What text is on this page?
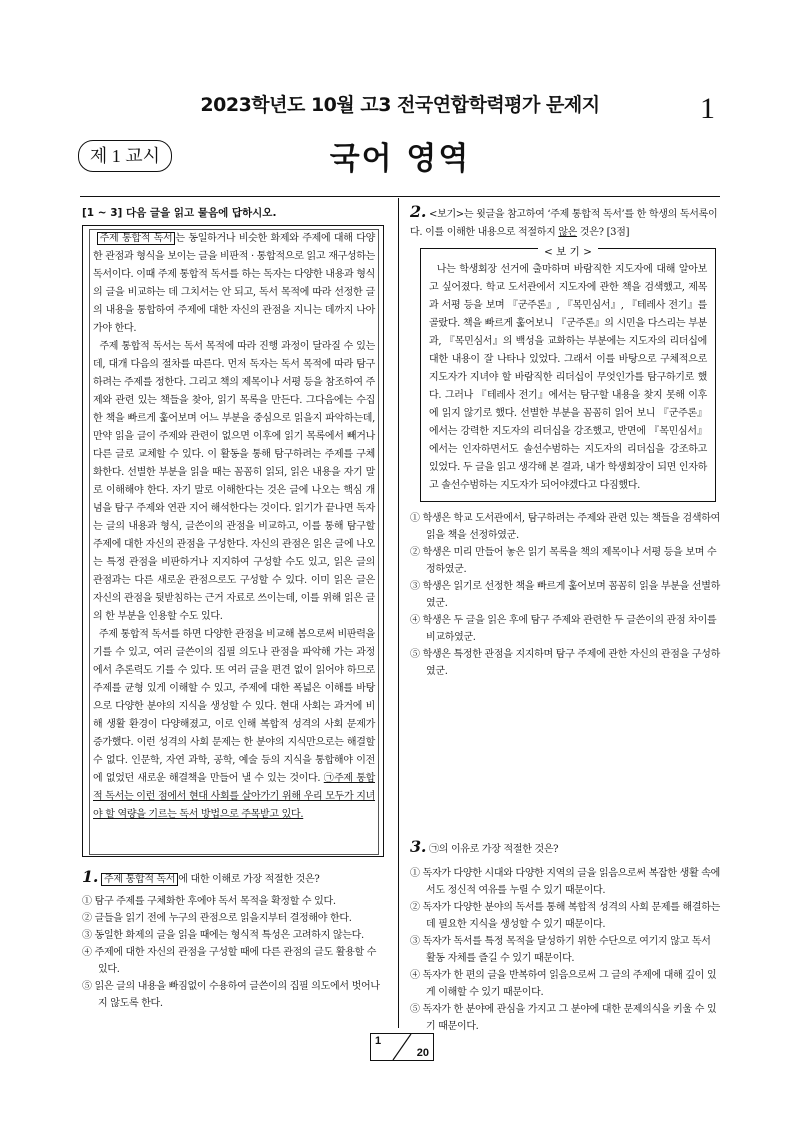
2023학년도 10월 고3 전국연합학력평가 문제지	1
제 1 교시	국어 영역
[1 ~ 3] 다음 글을 읽고 물음에 답하시오.

주제 통합적 독서 는 동일하거나 비슷한 화제와 주제에 대해 다양한 관점과 형식을 보이는 글을 비판적 · 통합적으로 읽고 재구성하는 독서이다. 이때 주제 통합적 독서를 하는 독자는 다양한 내용과 형식의 글을 비교하는 데 그치서는 안 되고, 독서 목적에 따라 선정한 글의 내용을 통합하여 주제에 대한 자신의 관점을 지니는 데까지 나아가야 한다.

주제 통합적 독서는 독서 목적에 따라 진행 과정이 달라질 수 있는데, 대개 다음의 절차를 따른다. 먼저 독자는 독서 목적에 따라 탐구하려는 주제를 정한다. 그리고 책의 제목이나 서평 등을 참조하여 주제와 관련 있는 책들을 찾아, 읽기 목록을 만든다. 그다음에는 수집한 책을 빠르게 훑어보며 어느 부분을 중심으로 읽을지 파악하는데, 만약 읽을 글이 주제와 관련이 없으면 이후에 읽기 목록에서 빼거나 다른 글로 교체할 수 있다. 이 활동을 통해 탐구하려는 주제를 구체화한다. 선별한 부분을 읽을 때는 꼼꼼히 읽되, 읽은 내용을 자기 말로 이해해야 한다. 자기 말로 이해한다는 것은 글에 나오는 핵심 개념을 탐구 주제와 연관 지어 해석한다는 것이다. 읽기가 끝나면 독자는 글의 내용과 형식, 글쓴이의 관점을 비교하고, 이를 통해 탐구할 주제에 대한 자신의 관점을 구성한다. 자신의 관점은 읽은 글에 나오는 특정 관점을 비판하거나 지지하여 구성할 수도 있고, 읽은 글의 관점과는 다른 새로운 관점으로도 구성할 수 있다. 이미 읽은 글은 자신의 관점을 뒷받침하는 근거 자료로 쓰이는데, 이를 위해 읽은 글의 한 부분을 인용할 수도 있다.

주제 통합적 독서를 하면 다양한 관점을 비교해 봄으로써 비판력을 기를 수 있고, 여러 글쓴이의 집필 의도나 관점을 파악해 가는 과정에서 추론력도 기를 수 있다. 또 여러 글을 편견 없이 읽어야 하므로 주제를 균형 있게 이해할 수 있고, 주제에 대한 폭넓은 이해를 바탕으로 다양한 분야의 지식을 생성할 수 있다. 현대 사회는 과거에 비해 생활 환경이 다양해졌고, 이로 인해 복합적 성격의 사회 문제가 증가했다. 이런 성격의 사회 문제는 한 분야의 지식만으로는 해결할 수 없다. 인문학, 자연 과학, 공학, 예술 등의 지식을 통합해야 이전에 없었던 새로운 해결책을 만들어 낼 수 있는 것이다. ㉠주제 통합적 독서는 이런 점에서 현대 사회를 살아가기 위해 우리 모두가 지녀야 할 역량을 기르는 독서 방법으로 주목받고 있다.

1. 주제 통합적 독서 에 대한 이해로 가장 적절한 것은?
① 탐구 주제를 구체화한 후에야 독서 목적을 확정할 수 있다.
② 글들을 읽기 전에 누구의 관점으로 읽을지부터 결정해야 한다.
③ 동일한 화제의 글을 읽을 때에는 형식적 특성은 고려하지 않는다.
④ 주제에 대한 자신의 관점을 구성할 때에 다른 관점의 글도 활용할 수 있다.
⑤ 읽은 글의 내용을 빠짐없이 수용하여 글쓴이의 집필 의도에서 벗어나지 않도록 한다.
2. <보기>는 윗글을 참고하여 ‘주제 통합적 독서’를 한 학생의 독서록이다. 이를 이해한 내용으로 적절하지 않은 것은? [3점]
나는 학생회장 선거에 출마하며 바람직한 지도자에 대해 알아보고 싶어졌다. 학교 도서관에서 지도자에 관한 책을 검색했고, 제목과 서평 등을 보며 『군주론』, 『목민심서』, 『테레사 전기』를 골랐다. 책을 빠르게 훑어보니 『군주론』의 시민을 다스리는 부분과, 『목민심서』의 백성을 교화하는 부분에는 지도자의 리더십에 대한 내용이 잘 나타나 있었다. 그래서 이를 바탕으로 구체적으로 지도자가 지녀야 할 바람직한 리더십이 무엇인가를 탐구하기로 했다. 그러나 『테레사 전기』에서는 탐구할 내용을 찾지 못해 이후에 읽지 않기로 했다. 선별한 부분을 꼼꼼히 읽어 보니 『군주론』에서는 강력한 지도자의 리더십을 강조했고, 반면에 『목민심서』에서는 인자하면서도 솔선수범하는 지도자의 리더십을 강조하고 있었다. 두 글을 읽고 생각해 본 결과, 내가 학생회장이 되면 인자하고 솔선수범하는 지도자가 되어야겠다고 다짐했다.
< 보 기 >
① 학생은 학교 도서관에서, 탐구하려는 주제와 관련 있는 책들을 검색하여 읽을 책을 선정하였군.
② 학생은 미리 만들어 놓은 읽기 목록을 책의 제목이나 서평 등을 보며 수정하였군.
③ 학생은 읽기로 선정한 책을 빠르게 훑어보며 꼼꼼히 읽을 부분을 선별하였군.
④ 학생은 두 글을 읽은 후에 탐구 주제와 관련한 두 글쓴이의 관점 차이를 비교하였군.
⑤ 학생은 특정한 관점을 지지하며 탐구 주제에 관한 자신의 관점을 구성하였군.
3. ㉠의 이유로 가장 적절한 것은?
① 독자가 다양한 시대와 다양한 지역의 글을 읽음으로써 복잡한 생활 속에서도 정신적 여유를 누릴 수 있기 때문이다.
② 독자가 다양한 분야의 독서를 통해 복합적 성격의 사회 문제를 해결하는 데 필요한 지식을 생성할 수 있기 때문이다.
③ 독자가 독서를 특정 목적을 달성하기 위한 수단으로 여기지 않고 독서 활동 자체를 즐길 수 있기 때문이다.
④ 독자가 한 편의 글을 반복하여 읽음으로써 그 글의 주제에 대해 깊이 있게 이해할 수 있기 때문이다.
⑤ 독자가 한 분야에 관심을 가지고 그 분야에 대한 문제의식을 키울 수 있기 때문이다.
1
20
